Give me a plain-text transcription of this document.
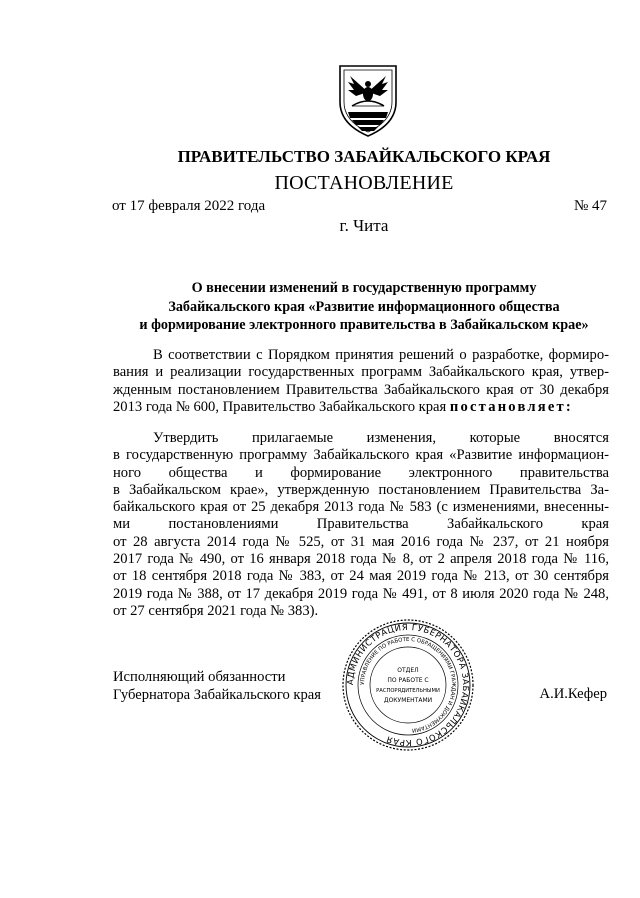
ПРАВИТЕЛЬСТВО ЗАБАЙКАЛЬСКОГО КРАЯ
ПОСТАНОВЛЕНИЕ
от 17 февраля 2022 года	№ 47
г. Чита
О внесении изменений в государственную программу
Забайкальского края «Развитие информационного общества
и формирование электронного правительства в Забайкальском крае»
В соответствии с Порядком принятия решений о разработке, формиро-
вания и реализации государственных программ Забайкальского края, утвер-
жденным постановлением Правительства Забайкальского края от 30 декабря
2013 года № 600, Правительство Забайкальского края постановляет:
Утвердить прилагаемые изменения, которые вносятся
в государственную программу Забайкальского края «Развитие информацион-
ного общества и формирование электронного правительства
в Забайкальском крае», утвержденную постановлением Правительства За-
байкальского края от 25 декабря 2013 года № 583 (с изменениями, внесенны-
ми постановлениями Правительства Забайкальского края
от 28 августа 2014 года № 525, от 31 мая 2016 года № 237, от 21 ноября
2017 года № 490, от 16 января 2018 года № 8, от 2 апреля 2018 года № 116,
от 18 сентября 2018 года № 383, от 24 мая 2019 года № 213, от 30 сентября
2019 года № 388, от 17 декабря 2019 года № 491, от 8 июля 2020 года № 248,
от 27 сентября 2021 года № 383).
Исполняющий обязанности
Губернатора Забайкальского края
АДМИНИСТРАЦИЯ ГУБЕРНАТОРА ЗАБАЙКАЛЬСКОГО КРАЯ
УПРАВЛЕНИЕ ПО РАБОТЕ С ОБРАЩЕНИЯМИ ГРАЖДАН И ДОКУМЕНТАМИ
ОТДЕЛ
ПО РАБОТЕ С
РАСПОРЯДИТЕЛЬНЫМИ
ДОКУМЕНТАМИ	А.И.Кефер
